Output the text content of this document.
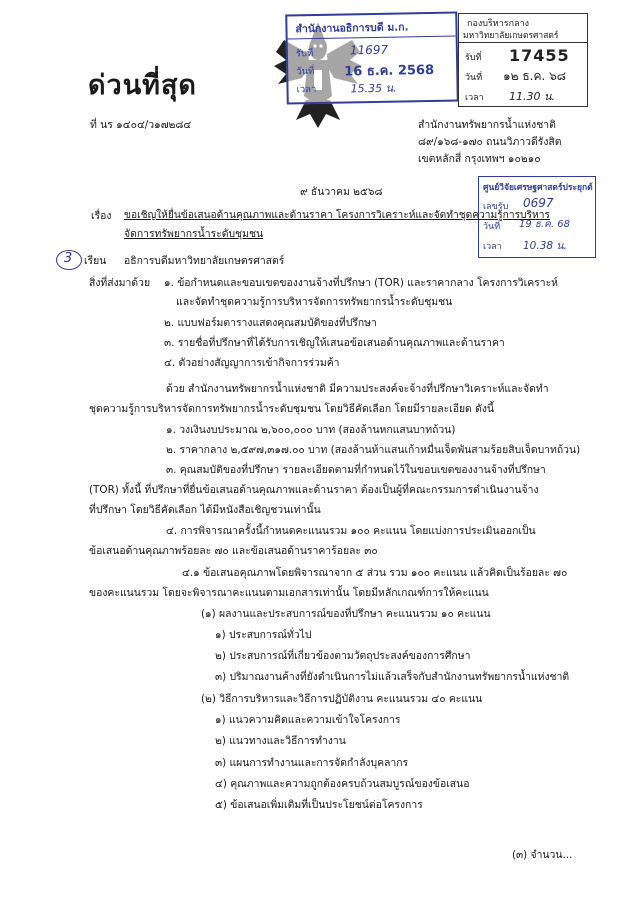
ด่วนที่สุด
ที่ นร ๑๔๐๔/ว๑๗๒๘๔
สำนักงานอธิการบดี ม.ก.
รับที่	11697
วันที่ 16 ธ.ค. 2568
เวลา	15.35 น.
กองบริหารกลาง
มหาวิทยาลัยเกษตรศาสตร์
รับที่ 17455
วันที่ ๑๒ ธ.ค. ๖๘
เวลา 11.30 น.
สำนักงานทรัพยากรน้ำแห่งชาติ
๘๙/๑๖๘-๑๗๐ ถนนวิภาวดีรังสิต
เขตหลักสี่ กรุงเทพฯ ๑๐๒๑๐
๙ ธันวาคม ๒๕๖๘	ศูนย์วิจัยเศรษฐศาสตร์ประยุกต์
เลขรับ 0697
วันที่ 19 ธ.ค. 68
เวลา 10.38 น.
เรื่อง ขอเชิญให้ยื่นข้อเสนอด้านคุณภาพและด้านราคา โครงการวิเคราะห์และจัดทำชุดความรู้การบริหาร
จัดการทรัพยากรน้ำระดับชุมชน
3 เรียน อธิการบดีมหาวิทยาลัยเกษตรศาสตร์
สิ่งที่ส่งมาด้วย ๑. ข้อกำหนดและขอบเขตของงานจ้างที่ปรึกษา (TOR) และราคากลาง โครงการวิเคราะห์
และจัดทำชุดความรู้การบริหารจัดการทรัพยากรน้ำระดับชุมชน
๒. แบบฟอร์มตารางแสดงคุณสมบัติของที่ปรึกษา
๓. รายชื่อที่ปรึกษาที่ได้รับการเชิญให้เสนอข้อเสนอด้านคุณภาพและด้านราคา
๔. ตัวอย่างสัญญาการเข้ากิจการร่วมค้า
ด้วย สำนักงานทรัพยากรน้ำแห่งชาติ มีความประสงค์จะจ้างที่ปรึกษาวิเคราะห์และจัดทำ
ชุดความรู้การบริหารจัดการทรัพยากรน้ำระดับชุมชน โดยวิธีคัดเลือก โดยมีรายละเอียด ดังนี้
๑. วงเงินงบประมาณ ๒,๖๐๐,๐๐๐ บาท (สองล้านหกแสนบาทถ้วน)
๒. ราคากลาง ๒,๕๙๗,๓๑๗.๐๐ บาท (สองล้านห้าแสนเก้าหมื่นเจ็ดพันสามร้อยสิบเจ็ดบาทถ้วน)
๓. คุณสมบัติของที่ปรึกษา รายละเอียดตามที่กำหนดไว้ในขอบเขตของงานจ้างที่ปรึกษา
(TOR) ทั้งนี้ ที่ปรึกษาที่ยื่นข้อเสนอด้านคุณภาพและด้านราคา ต้องเป็นผู้ที่คณะกรรมการดำเนินงานจ้าง
ที่ปรึกษา โดยวิธีคัดเลือก ได้มีหนังสือเชิญชวนเท่านั้น
๔. การพิจารณาครั้งนี้กำหนดคะแนนรวม ๑๐๐ คะแนน โดยแบ่งการประเมินออกเป็น
ข้อเสนอด้านคุณภาพร้อยละ ๗๐ และข้อเสนอด้านราคาร้อยละ ๓๐
๔.๑ ข้อเสนอคุณภาพโดยพิจารณาจาก ๕ ส่วน รวม ๑๐๐ คะแนน แล้วคิดเป็นร้อยละ ๗๐
ของคะแนนรวม โดยจะพิจารณาคะแนนตามเอกสารเท่านั้น โดยมีหลักเกณฑ์การให้คะแนน
(๑) ผลงานและประสบการณ์ของที่ปรึกษา คะแนนรวม ๑๐ คะแนน
๑) ประสบการณ์ทั่วไป
๒) ประสบการณ์ที่เกี่ยวข้องตามวัตถุประสงค์ของการศึกษา
๓) ปริมาณงานค้างที่ยังดำเนินการไม่แล้วเสร็จกับสำนักงานทรัพยากรน้ำแห่งชาติ
(๒) วิธีการบริหารและวิธีการปฏิบัติงาน คะแนนรวม ๔๐ คะแนน
๑) แนวความคิดและความเข้าใจโครงการ
๒) แนวทางและวิธีการทำงาน
๓) แผนการทำงานและการจัดกำลังบุคลากร
๔) คุณภาพและความถูกต้องครบถ้วนสมบูรณ์ของข้อเสนอ
๕) ข้อเสนอเพิ่มเติมที่เป็นประโยชน์ต่อโครงการ
(๓) จำนวน...
